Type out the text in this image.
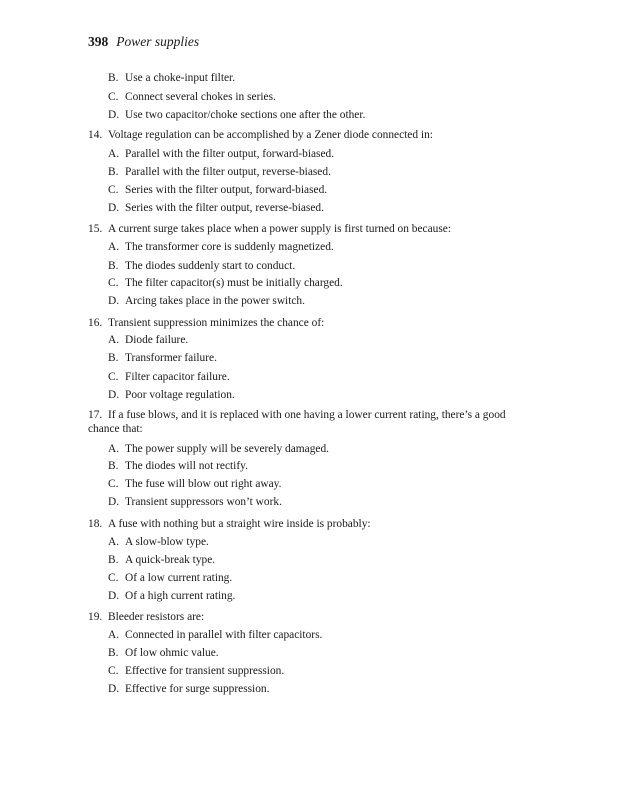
398 Power supplies
B. Use a choke-input filter.
C. Connect several chokes in series.
D. Use two capacitor/choke sections one after the other.
14. Voltage regulation can be accomplished by a Zener diode connected in:
A. Parallel with the filter output, forward-biased.
B. Parallel with the filter output, reverse-biased.
C. Series with the filter output, forward-biased.
D. Series with the filter output, reverse-biased.
15. A current surge takes place when a power supply is first turned on because:
A. The transformer core is suddenly magnetized.
B. The diodes suddenly start to conduct.
C. The filter capacitor(s) must be initially charged.
D. Arcing takes place in the power switch.
16. Transient suppression minimizes the chance of:
A. Diode failure.
B. Transformer failure.
C. Filter capacitor failure.
D. Poor voltage regulation.
17. If a fuse blows, and it is replaced with one having a lower current rating, there’s a good chance that:
A. The power supply will be severely damaged.
B. The diodes will not rectify.
C. The fuse will blow out right away.
D. Transient suppressors won’t work.
18. A fuse with nothing but a straight wire inside is probably:
A. A slow-blow type.
B. A quick-break type.
C. Of a low current rating.
D. Of a high current rating.
19. Bleeder resistors are:
A. Connected in parallel with filter capacitors.
B. Of low ohmic value.
C. Effective for transient suppression.
D. Effective for surge suppression.
